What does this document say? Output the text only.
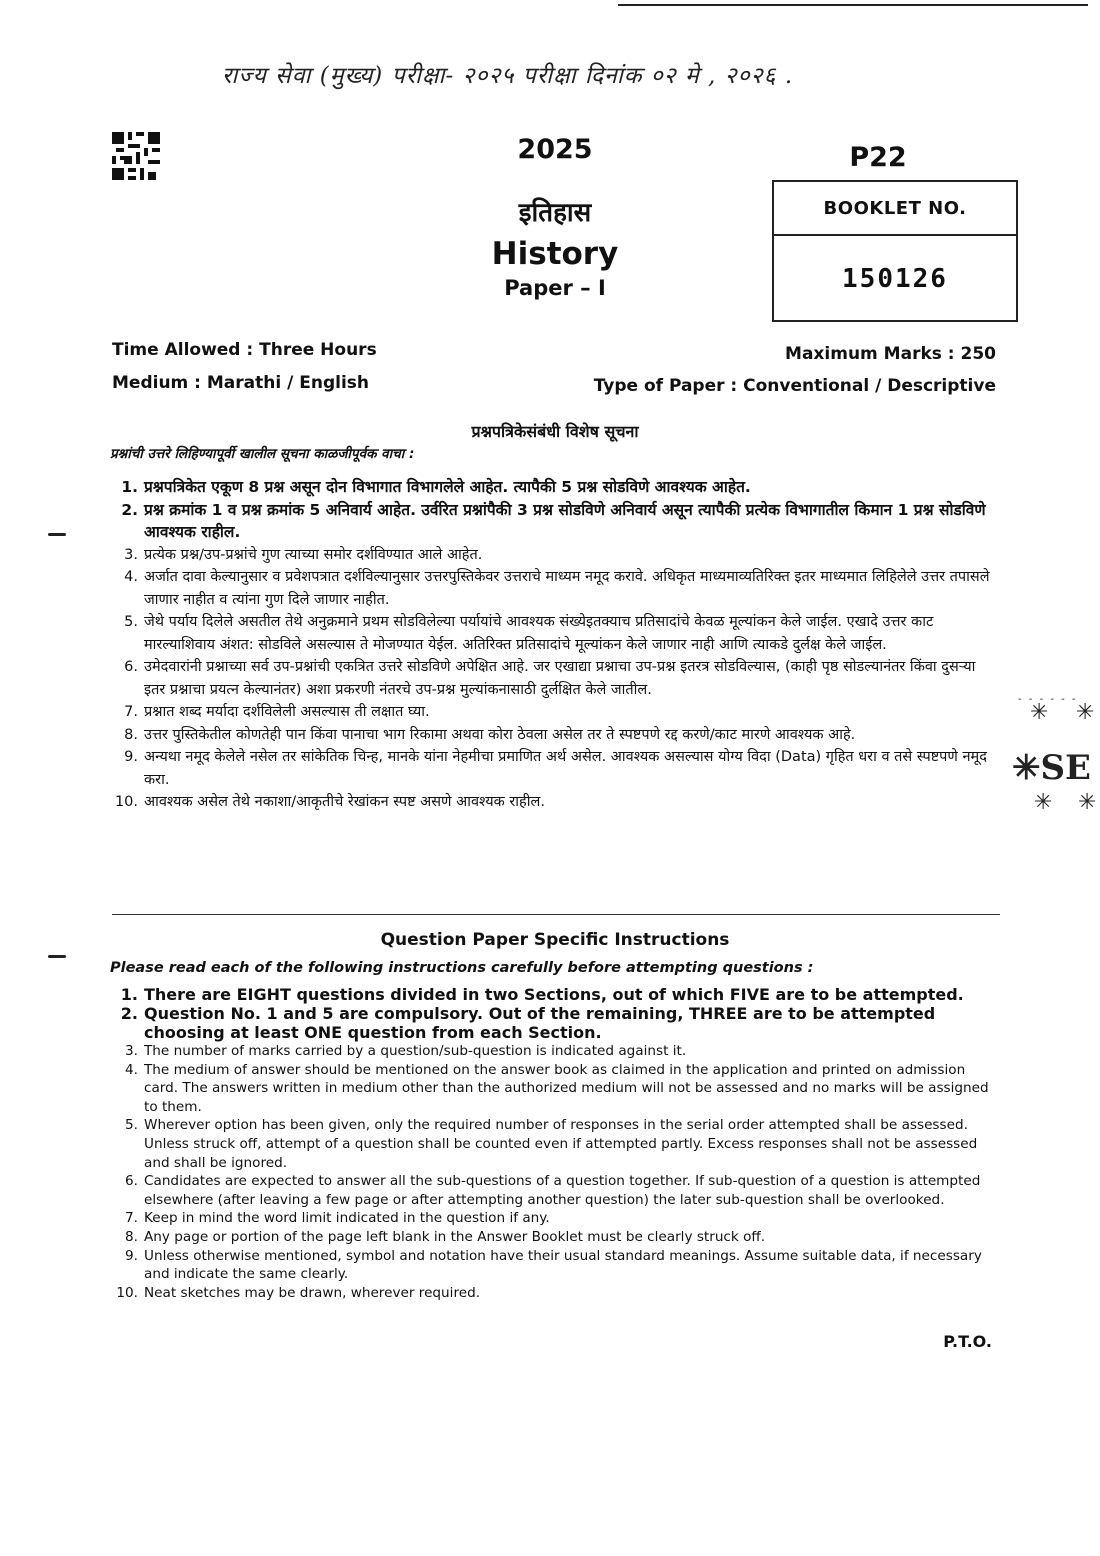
राज्य सेवा (मुख्य) परीक्षा- २०२५ परीक्षा दिनांक ०२ मे , २०२६ .
2025
इतिहास
History
Paper – I
P22
BOOKLET NO.
150126
Time Allowed : Three Hours
Medium : Marathi / English
Maximum Marks : 250
Type of Paper : Conventional / Descriptive
प्रश्नपत्रिकेसंबंधी विशेष सूचना
प्रश्नांची उत्तरे लिहिण्यापूर्वी खालील सूचना काळजीपूर्वक वाचा :
1. प्रश्नपत्रिकेत एकूण 8 प्रश्न असून दोन विभागात विभागलेले आहेत. त्यापैकी 5 प्रश्न सोडविणे आवश्यक आहेत.
2. प्रश्न क्रमांक 1 व प्रश्न क्रमांक 5 अनिवार्य आहेत. उर्वरित प्रश्नांपैकी 3 प्रश्न सोडविणे अनिवार्य असून त्यापैकी प्रत्येक विभागातील किमान 1 प्रश्न सोडविणे आवश्यक राहील.
3. प्रत्येक प्रश्न/उप-प्रश्नांचे गुण त्याच्या समोर दर्शविण्यात आले आहेत.
4. अर्जात दावा केल्यानुसार व प्रवेशपत्रात दर्शविल्यानुसार उत्तरपुस्तिकेवर उत्तराचे माध्यम नमूद करावे. अधिकृत माध्यमाव्यतिरिक्त इतर माध्यमात लिहिलेले उत्तर तपासले जाणार नाहीत व त्यांना गुण दिले जाणार नाहीत.
5. जेथे पर्याय दिलेले असतील तेथे अनुक्रमाने प्रथम सोडविलेल्या पर्यायांचे आवश्यक संख्येइतक्याच प्रतिसादांचे केवळ मूल्यांकन केले जाईल. एखादे उत्तर काट मारल्याशिवाय अंशत: सोडविले असल्यास ते मोजण्यात येईल. अतिरिक्त प्रतिसादांचे मूल्यांकन केले जाणार नाही आणि त्याकडे दुर्लक्ष केले जाईल.
6. उमेदवारांनी प्रश्नाच्या सर्व उप-प्रश्नांची एकत्रित उत्तरे सोडविणे अपेक्षित आहे. जर एखाद्या प्रश्नाचा उप-प्रश्न इतरत्र सोडविल्यास, (काही पृष्ठ सोडल्यानंतर किंवा दुसऱ्या इतर प्रश्नाचा प्रयत्न केल्यानंतर) अशा प्रकरणी नंतरचे उप-प्रश्न मुल्यांकनासाठी दुर्लक्षित केले जातील.
7. प्रश्नात शब्द मर्यादा दर्शविलेली असल्यास ती लक्षात घ्या.
8. उत्तर पुस्तिकेतील कोणतेही पान किंवा पानाचा भाग रिकामा अथवा कोरा ठेवला असेल तर ते स्पष्टपणे रद्द करणे/काट मारणे आवश्यक आहे.
9. अन्यथा नमूद केलेले नसेल तर सांकेतिक चिन्ह, मानके यांना नेहमीचा प्रमाणित अर्थ असेल. आवश्यक असल्यास योग्य विदा (Data) गृहित धरा व तसे स्पष्टपणे नमूद करा.
10. आवश्यक असेल तेथे नकाशा/आकृतीचे रेखांकन स्पष्ट असणे आवश्यक राहील.
Question Paper Specific Instructions
Please read each of the following instructions carefully before attempting questions :
1. There are EIGHT questions divided in two Sections, out of which FIVE are to be attempted.
2. Question No. 1 and 5 are compulsory. Out of the remaining, THREE are to be attempted choosing at least ONE question from each Section.
3. The number of marks carried by a question/sub-question is indicated against it.
4. The medium of answer should be mentioned on the answer book as claimed in the application and printed on admission card. The answers written in medium other than the authorized medium will not be assessed and no marks will be assigned to them.
5. Wherever option has been given, only the required number of responses in the serial order attempted shall be assessed. Unless struck off, attempt of a question shall be counted even if attempted partly. Excess responses shall not be assessed and shall be ignored.
6. Candidates are expected to answer all the sub-questions of a question together. If sub-question of a question is attempted elsewhere (after leaving a few page or after attempting another question) the later sub-question shall be overlooked.
7. Keep in mind the word limit indicated in the question if any.
8. Any page or portion of the page left blank in the Answer Booklet must be clearly struck off.
9. Unless otherwise mentioned, symbol and notation have their usual standard meanings. Assume suitable data, if necessary and indicate the same clearly.
10. Neat sketches may be drawn, wherever required.
P.T.O.
- - - - - -
✳ ✳
✳SE
✳ ✳
